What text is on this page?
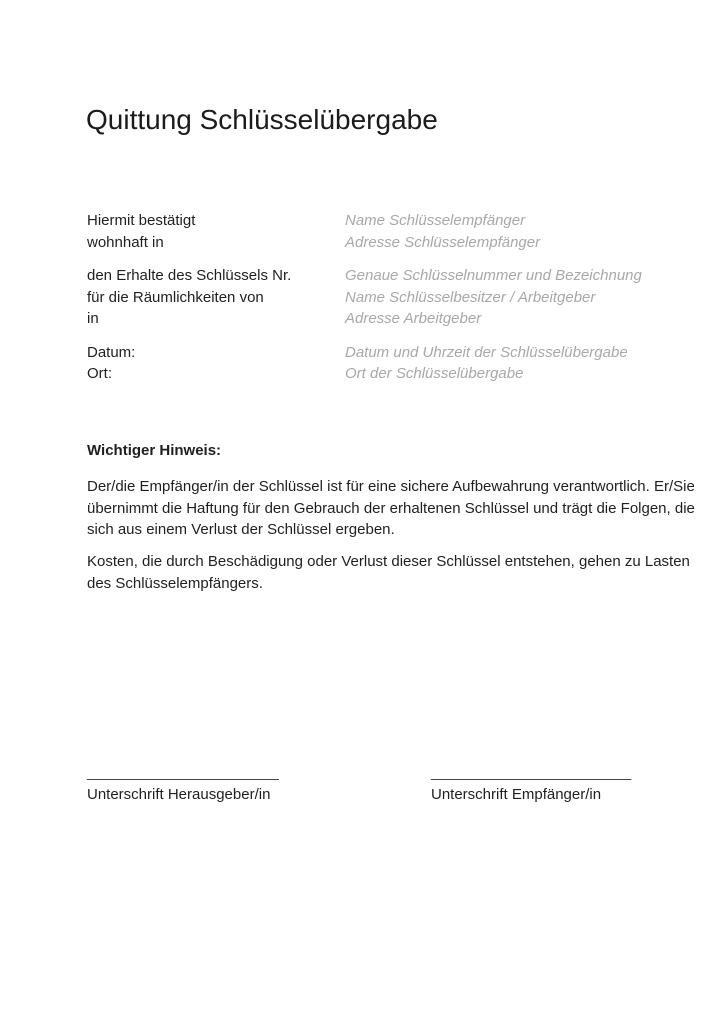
Quittung Schlüsselübergabe
Hiermit bestätigt	Name Schlüsselempfänger
wohnhaft in	Adresse Schlüsselempfänger
den Erhalte des Schlüssels Nr.	Genaue Schlüsselnummer und Bezeichnung
für die Räumlichkeiten von	Name Schlüsselbesitzer / Arbeitgeber
in	Adresse Arbeitgeber
Datum:	Datum und Uhrzeit der Schlüsselübergabe
Ort:	Ort der Schlüsselübergabe
Wichtiger Hinweis:
Der/die Empfänger/in der Schlüssel ist für eine sichere Aufbewahrung verantwortlich. Er/Sie
übernimmt die Haftung für den Gebrauch der erhaltenen Schlüssel und trägt die Folgen, die
sich aus einem Verlust der Schlüssel ergeben.
Kosten, die durch Beschädigung oder Verlust dieser Schlüssel entstehen, gehen zu Lasten
des Schlüsselempfängers.
_______________________
Unterschrift Herausgeber/in
________________________
Unterschrift Empfänger/in
